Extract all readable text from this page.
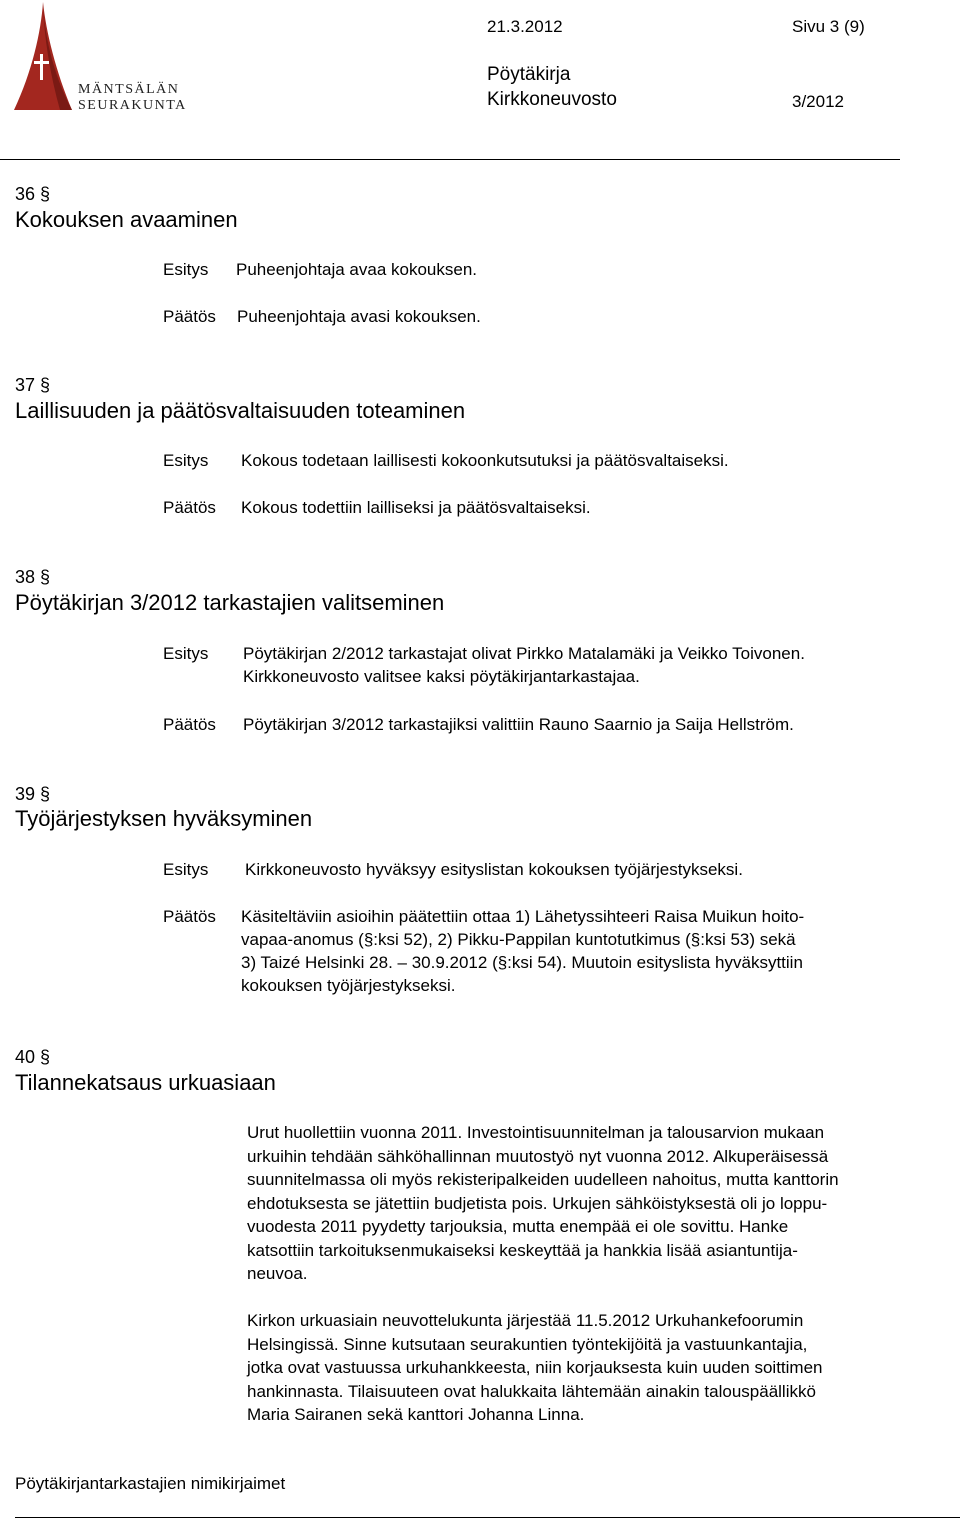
MÄNTSÄLÄN
SEURAKUNTA
21.3.2012	Sivu 3 (9)
Pöytäkirja
Kirkkoneuvosto	3/2012
36 §
Kokouksen avaaminen
Esitys Puheenjohtaja avaa kokouksen.
Päätös Puheenjohtaja avasi kokouksen.
37 §
Laillisuuden ja päätösvaltaisuuden toteaminen
Esitys Kokous todetaan laillisesti kokoonkutsutuksi ja päätösvaltaiseksi.
Päätös Kokous todettiin lailliseksi ja päätösvaltaiseksi.
38 §
Pöytäkirjan 3/2012 tarkastajien valitseminen
Esitys Pöytäkirjan 2/2012 tarkastajat olivat Pirkko Matalamäki ja Veikko Toivonen.
Kirkkoneuvosto valitsee kaksi pöytäkirjantarkastajaa.
Päätös Pöytäkirjan 3/2012 tarkastajiksi valittiin Rauno Saarnio ja Saija Hellström.
39 §
Työjärjestyksen hyväksyminen
Esitys Kirkkoneuvosto hyväksyy esityslistan kokouksen työjärjestykseksi.
Päätös Käsiteltäviin asioihin päätettiin ottaa 1) Lähetyssihteeri Raisa Muikun hoito-
vapaa-anomus (§:ksi 52), 2) Pikku-Pappilan kuntotutkimus (§:ksi 53) sekä
3) Taizé Helsinki 28. – 30.9.2012 (§:ksi 54). Muutoin esityslista hyväksyttiin
kokouksen työjärjestykseksi.
40 §
Tilannekatsaus urkuasiaan
Urut huollettiin vuonna 2011. Investointisuunnitelman ja talousarvion mukaan
urkuihin tehdään sähköhallinnan muutostyö nyt vuonna 2012. Alkuperäisessä
suunnitelmassa oli myös rekisteripalkeiden uudelleen nahoitus, mutta kanttorin
ehdotuksesta se jätettiin budjetista pois. Urkujen sähköistyksestä oli jo loppu-
vuodesta 2011 pyydetty tarjouksia, mutta enempää ei ole sovittu. Hanke
katsottiin tarkoituksenmukaiseksi keskeyttää ja hankkia lisää asiantuntija-
neuvoa.
Kirkon urkuasiain neuvottelukunta järjestää 11.5.2012 Urkuhankefoorumin
Helsingissä. Sinne kutsutaan seurakuntien työntekijöitä ja vastuunkantajia,
jotka ovat vastuussa urkuhankkeesta, niin korjauksesta kuin uuden soittimen
hankinnasta. Tilaisuuteen ovat halukkaita lähtemään ainakin talouspäällikkö
Maria Sairanen sekä kanttori Johanna Linna.
Pöytäkirjantarkastajien nimikirjaimet
